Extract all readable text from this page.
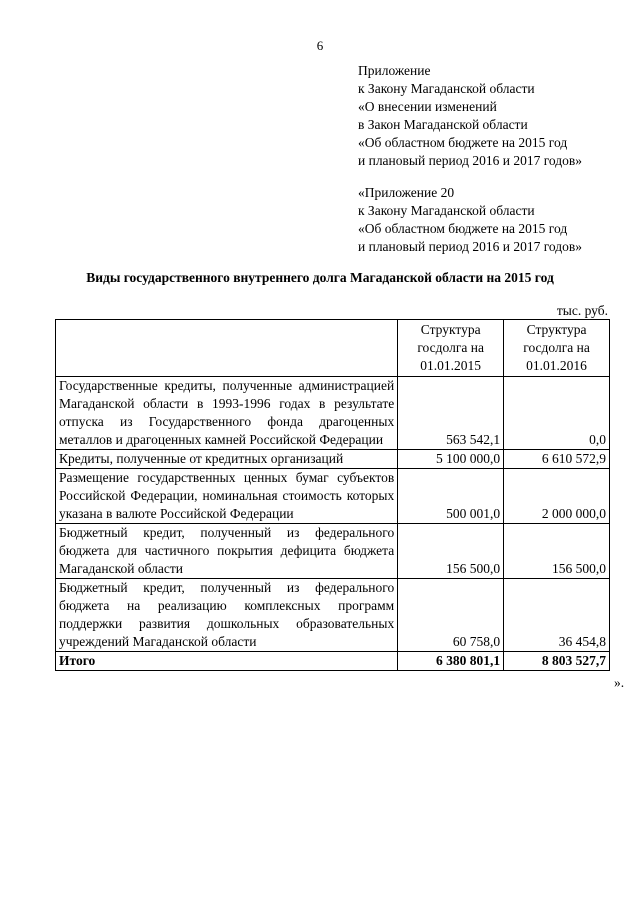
6
Приложение
к Закону Магаданской области
«О внесении изменений
в Закон Магаданской области
«Об областном бюджете на 2015 год
и плановый период 2016 и 2017 годов»
«Приложение 20
к Закону Магаданской области
«Об областном бюджете на 2015 год
и плановый период 2016 и 2017 годов»
Виды государственного внутреннего долга Магаданской области на 2015 год
тыс. руб.
	Структура госдолга на 01.01.2015	Структура госдолга на 01.01.2016
Государственные кредиты, полученные администрацией Магаданской области в 1993-1996 годах в результате отпуска из Государственного фонда драгоценных металлов и драгоценных камней Российской Федерации	563 542,1	0,0
Кредиты, полученные от кредитных организаций	5 100 000,0	6 610 572,9
Размещение государственных ценных бумаг субъектов Российской Федерации, номинальная стоимость которых указана в валюте Российской Федерации	500 001,0	2 000 000,0
Бюджетный кредит, полученный из федерального бюджета для частичного покрытия дефицита бюджета Магаданской области	156 500,0	156 500,0
Бюджетный кредит, полученный из федерального бюджета на реализацию комплексных программ поддержки развития дошкольных образовательных учреждений Магаданской области	60 758,0	36 454,8
Итого	6 380 801,1	8 803 527,7
».
